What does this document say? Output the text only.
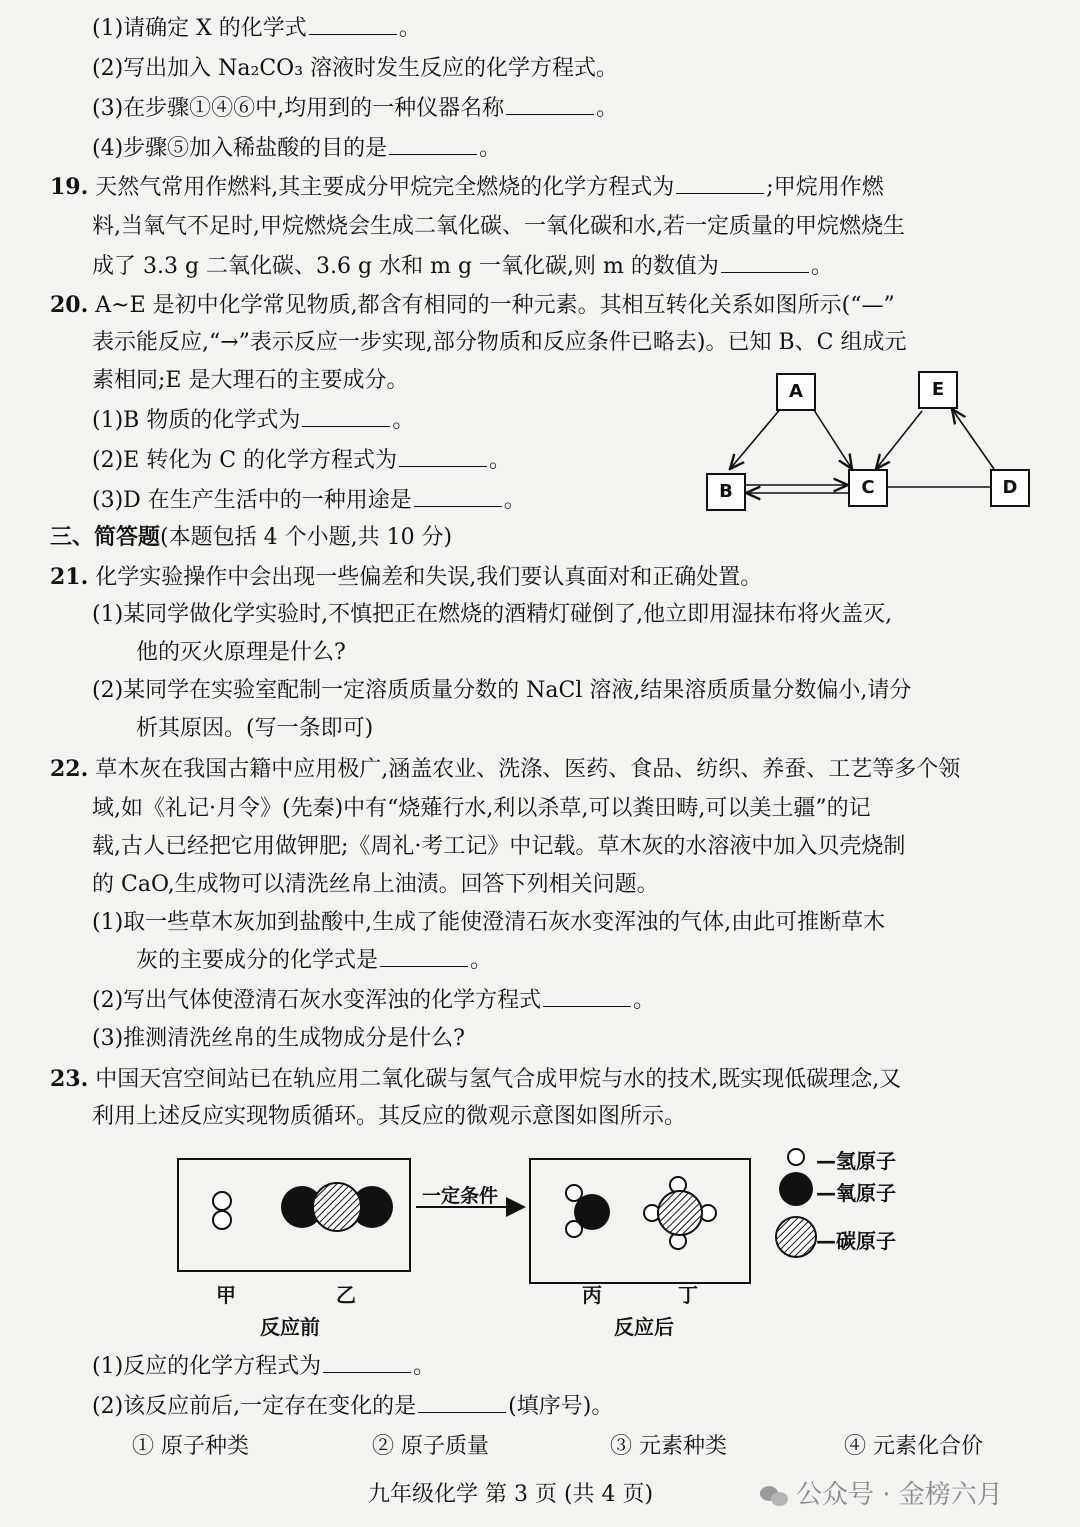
(1)请确定 X 的化学式	。
(2)写出加入 Na₂CO₃ 溶液时发生反应的化学方程式。
(3)在步骤①④⑥中,均用到的一种仪器名称	。
(4)步骤⑤加入稀盐酸的目的是	。
19. 天然气常用作燃料,其主要成分甲烷完全燃烧的化学方程式为	;甲烷用作燃
料,当氧气不足时,甲烷燃烧会生成二氧化碳、一氧化碳和水,若一定质量的甲烷燃烧生
成了 3.3 g 二氧化碳、3.6 g 水和 m g 一氧化碳,则 m 的数值为	。
20. A~E 是初中化学常见物质,都含有相同的一种元素。其相互转化关系如图所示(“—”
表示能反应,“→”表示反应一步实现,部分物质和反应条件已略去)。已知 B、C 组成元
素相同;E 是大理石的主要成分。
(1)B 物质的化学式为	。
(2)E 转化为 C 的化学方程式为	。
(3)D 在生产生活中的一种用途是	。
A
B	C	D
E
三、简答题(本题包括 4 个小题,共 10 分)
21. 化学实验操作中会出现一些偏差和失误,我们要认真面对和正确处置。
(1)某同学做化学实验时,不慎把正在燃烧的酒精灯碰倒了,他立即用湿抹布将火盖灭,
他的灭火原理是什么?
(2)某同学在实验室配制一定溶质质量分数的 NaCl 溶液,结果溶质质量分数偏小,请分
析其原因。(写一条即可)
22. 草木灰在我国古籍中应用极广,涵盖农业、洗涤、医药、食品、纺织、养蚕、工艺等多个领
域,如《礼记·月令》(先秦)中有“烧薙行水,利以杀草,可以粪田畴,可以美土疆”的记
载,古人已经把它用做钾肥;《周礼·考工记》中记载。草木灰的水溶液中加入贝壳烧制
的 CaO,生成物可以清洗丝帛上油渍。回答下列相关问题。
(1)取一些草木灰加到盐酸中,生成了能使澄清石灰水变浑浊的气体,由此可推断草木
灰的主要成分的化学式是	。
(2)写出气体使澄清石灰水变浑浊的化学方程式	。
(3)推测清洗丝帛的生成物成分是什么?
23. 中国天宫空间站已在轨应用二氧化碳与氢气合成甲烷与水的技术,既实现低碳理念,又
利用上述反应实现物质循环。其反应的微观示意图如图所示。
一定条件
—氢原子
—氧原子
—碳原子
甲	乙	丙	丁
反应前	反应后
(1)反应的化学方程式为	。
(2)该反应前后,一定存在变化的是	(填序号)。
① 原子种类	② 原子质量	③ 元素种类	④ 元素化合价
九年级化学 第 3 页 (共 4 页)	公众号 · 金榜六月
